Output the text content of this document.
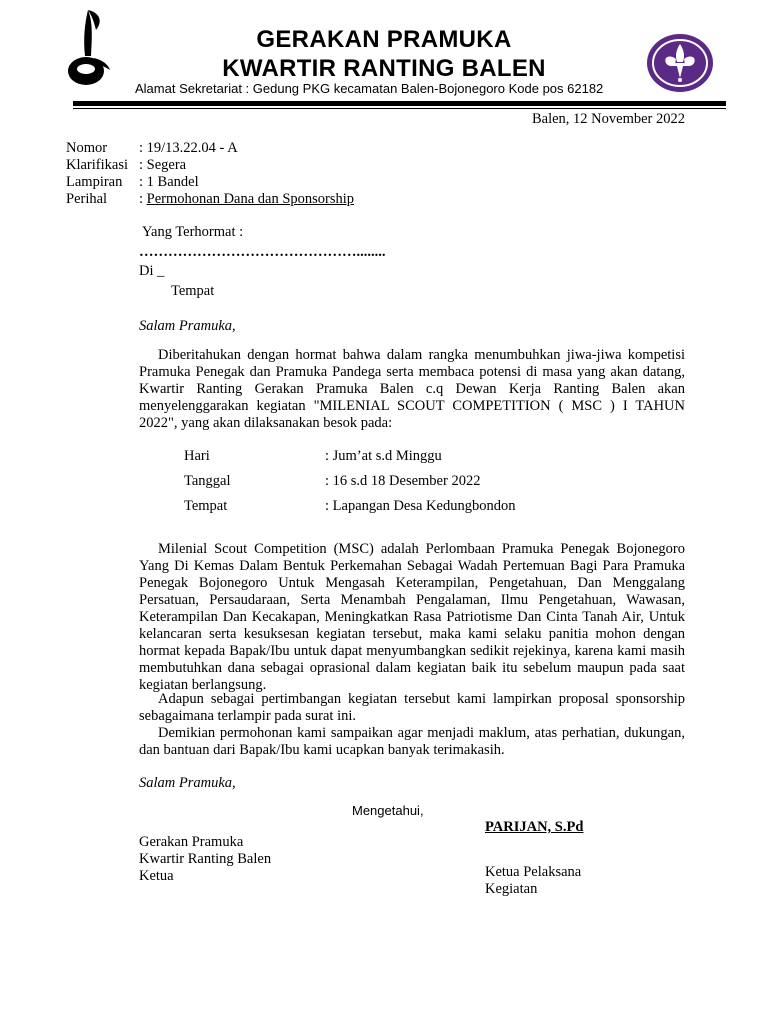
GERAKAN PRAMUKA
KWARTIR RANTING BALEN
Alamat Sekretariat : Gedung PKG kecamatan Balen-Bojonegoro Kode pos 62182
Balen, 12 November 2022
Nomor : 19/13.22.04 - A
Klarifikasi : Segera
Lampiran : 1 Bandel
Perihal : Permohonan Dana dan Sponsorship
Yang Terhormat :
………………………………………........
Di _
Tempat
Salam Pramuka,
Diberitahukan dengan hormat bahwa dalam rangka menumbuhkan jiwa-jiwa kompetisi Pramuka Penegak dan Pramuka Pandega serta membaca potensi di masa yang akan datang, Kwartir Ranting Gerakan Pramuka Balen c.q Dewan Kerja Ranting Balen akan menyelenggarakan kegiatan "MILENIAL SCOUT COMPETITION ( MSC ) I TAHUN 2022", yang akan dilaksanakan besok pada:
Hari	: Jum’at s.d Minggu
Tanggal	: 16 s.d 18 Desember 2022
Tempat	: Lapangan Desa Kedungbondon
Milenial Scout Competition (MSC) adalah Perlombaan Pramuka Penegak Bojonegoro Yang Di Kemas Dalam Bentuk Perkemahan Sebagai Wadah Pertemuan Bagi Para Pramuka Penegak Bojonegoro Untuk Mengasah Keterampilan, Pengetahuan, Dan Menggalang Persatuan, Persaudaraan, Serta Menambah Pengalaman, Ilmu Pengetahuan, Wawasan, Keterampilan Dan Kecakapan, Meningkatkan Rasa Patriotisme Dan Cinta Tanah Air, Untuk kelancaran serta kesuksesan kegiatan tersebut, maka kami selaku panitia mohon dengan hormat kepada Bapak/Ibu untuk dapat menyumbangkan sedikit rejekinya, karena kami masih membutuhkan dana sebagai oprasional dalam kegiatan baik itu sebelum maupun pada saat kegiatan berlangsung.
Adapun sebagai pertimbangan kegiatan tersebut kami lampirkan proposal sponsorship sebagaimana terlampir pada surat ini.
Demikian permohonan kami sampaikan agar menjadi maklum, atas perhatian, dukungan, dan bantuan dari Bapak/Ibu kami ucapkan banyak terimakasih.
Salam Pramuka,
Mengetahui,
PARIJAN, S.Pd
Gerakan Pramuka
Kwartir Ranting Balen
Ketua	Ketua Pelaksana
Kegiatan
